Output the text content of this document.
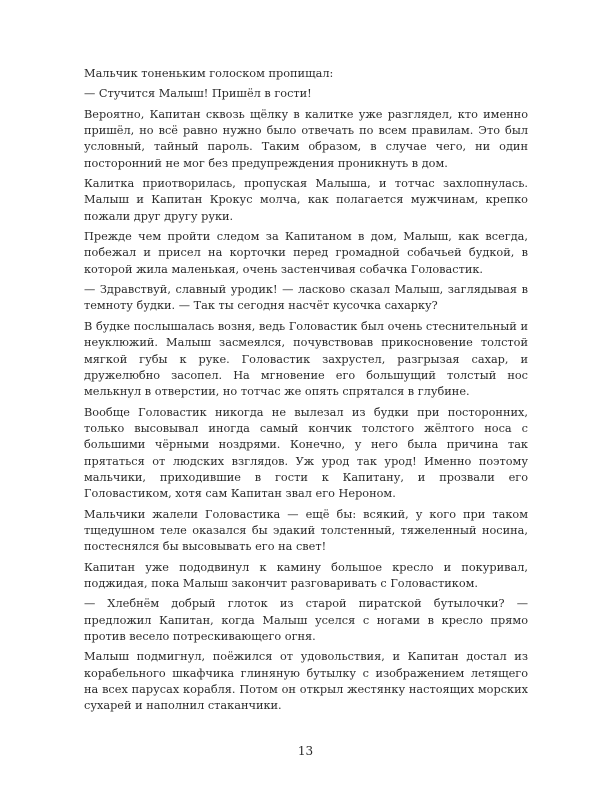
Мальчик тоненьким голоском пропищал:

— Стучится Малыш! Пришёл в гости!

Вероятно, Капитан сквозь щёлку в калитке уже разглядел, кто именно пришёл, но всё равно нужно было отвечать по всем правилам. Это был условный, тайный пароль. Таким образом, в случае чего, ни один посторонний не мог без предупреждения проникнуть в дом.

Калитка приотворилась, пропуская Малыша, и тотчас захлопнулась. Малыш и Капитан Крокус молча, как полагается мужчинам, крепко пожали друг другу руки.

Прежде чем пройти следом за Капитаном в дом, Малыш, как всегда, побежал и присел на корточки перед громадной собачьей будкой, в которой жила маленькая, очень застенчивая собачка Головастик.

— Здравствуй, славный уродик! — ласково сказал Малыш, заглядывая в темноту будки. — Так ты сегодня насчёт кусочка сахарку?

В будке послышалась возня, ведь Головастик был очень стеснительный и неуклюжий. Малыш засмеялся, почувствовав прикосновение толстой мягкой губы к руке. Головастик захрустел, разгрызая сахар, и дружелюбно засопел. На мгновение его большущий толстый нос мелькнул в отверстии, но тотчас же опять спрятался в глубине.

Вообще Головастик никогда не вылезал из будки при посторонних, только высовывал иногда самый кончик толстого жёлтого носа с большими чёрными ноздрями. Конечно, у него была причина так прятаться от людских взглядов. Уж урод так урод! Именно поэтому мальчики, приходившие в гости к Капитану, и прозвали его Головастиком, хотя сам Капитан звал его Нероном.

Мальчики жалели Головастика — ещё бы: всякий, у кого при таком тщедушном теле оказался бы эдакий толстенный, тяжеленный носина, постеснялся бы высовывать его на свет!

Капитан уже пододвинул к камину большое кресло и покуривал, поджидая, пока Малыш закончит разговаривать с Головастиком.

— Хлебнём добрый глоток из старой пиратской бутылочки? — предложил Капитан, когда Малыш уселся с ногами в кресло прямо против весело потрескивающего огня.

Малыш подмигнул, поёжился от удовольствия, и Капитан достал из корабельного шкафчика глиняную бутылку с изображением летящего на всех парусах корабля. Потом он открыл жестянку настоящих морских сухарей и наполнил стаканчики.

13
